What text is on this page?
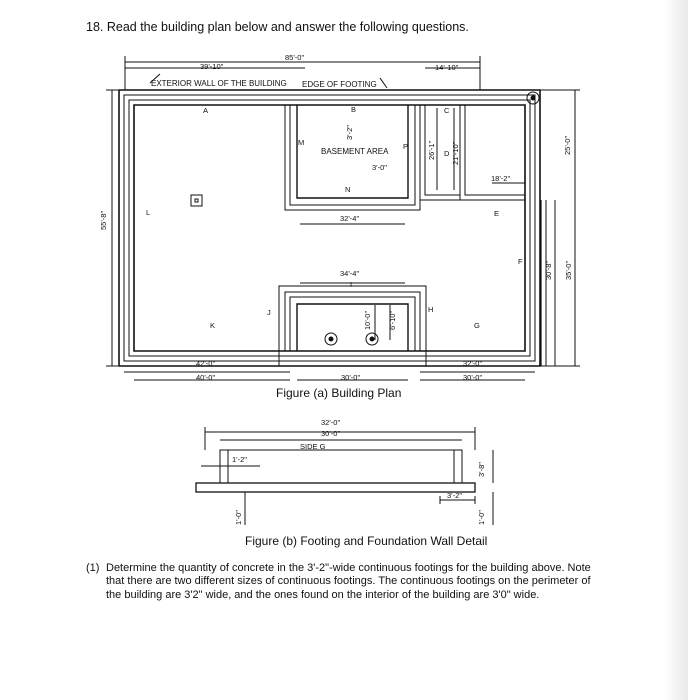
18. Read the building plan below and answer the following questions.
85'-0"
39'-10"	14'-10"
EXTERIOR WALL OF THE BUILDING EDGE OF FOOTING
A	B	C
D
E
F
G
H
J
K
L
M
N
P
I
BASEMENT AREA
3'-0"
32'-4"
34'-4"
18'-2"
42'-0"
40'-0"	30'-0"
32'-0"
30'-0"
55'-8"
25'-0"
30'-8" 35'-0"
26'-1" 21'-10"
3'-2"
10'-0" 6'-10"
Figure (a) Building Plan
32'-0"
30'-0"
SIDE G
1'-2"
3'-2"
3'-8"
1'-0"	1'-0"
Figure (b) Footing and Foundation Wall Detail
(1) Determine the quantity of concrete in the 3'-2"-wide continuous footings for the building above. Note that there are two different sizes of continuous footings. The continuous footings on the perimeter of the building are 3'2" wide, and the ones found on the interior of the building are 3'0" wide.
